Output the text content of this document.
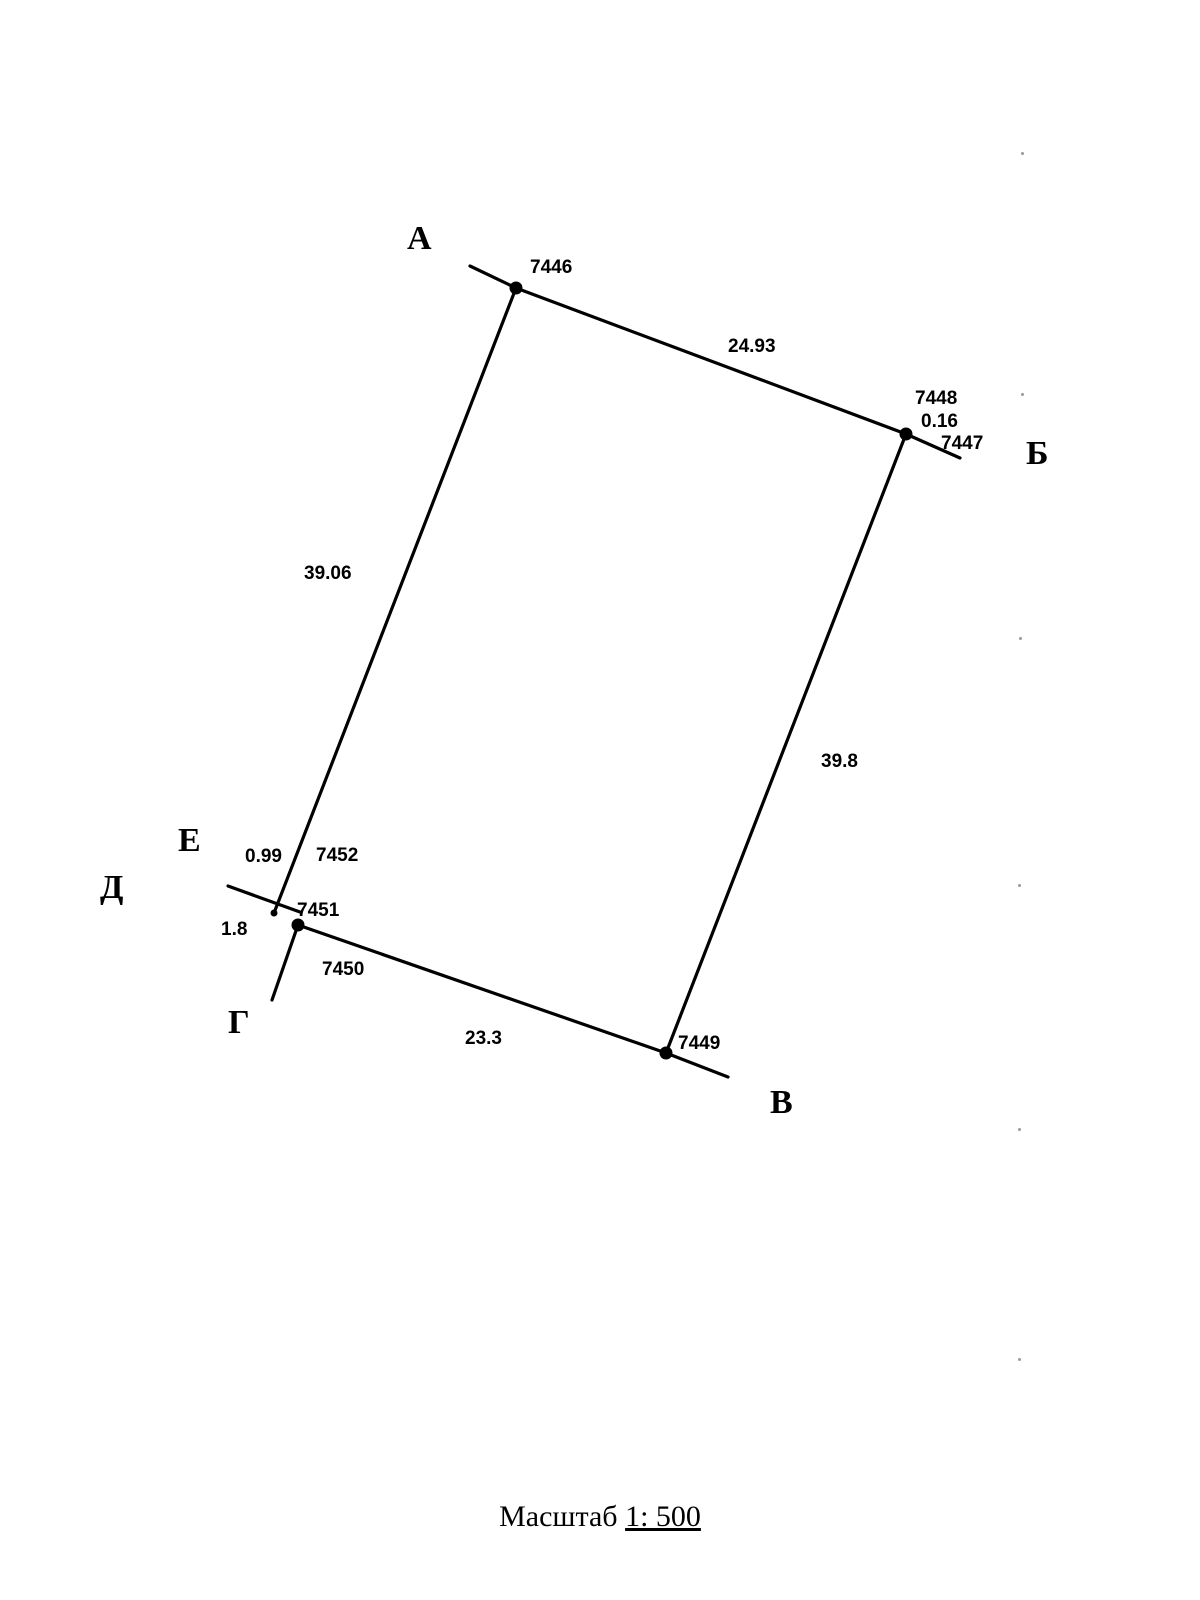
А
Б
В
Г
Д
Е
7446
7448
7447
7449
7450
7451
7452
24.93
0.16
39.8
39.06
0.99
1.8
23.3
Масштаб 1: 500
